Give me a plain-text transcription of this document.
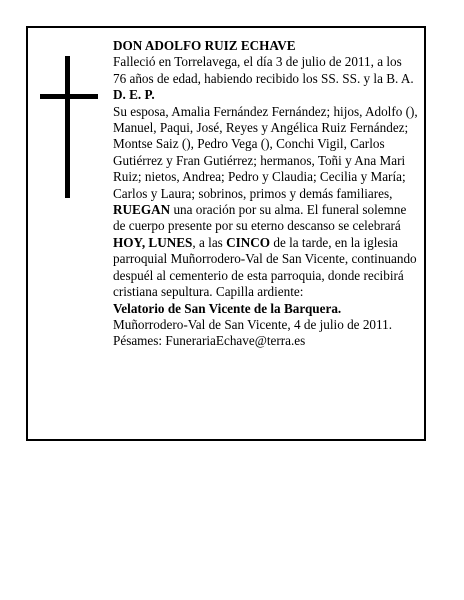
DON ADOLFO RUIZ ECHAVE

Falleció en Torrelavega, el día 3 de julio de 2011, a los 76 años de edad, habiendo recibido los SS. SS. y la B. A.

D. E. P.

Su esposa, Amalia Fernández Fernández; hijos, Adolfo (), Manuel, Paqui, José, Reyes y Angélica Ruiz Fernández; Montse Saiz (), Pedro Vega (), Conchi Vigil, Carlos Gutiérrez y Fran Gutiérrez; hermanos, Toñi y Ana Mari Ruiz; nietos, Andrea; Pedro y Claudia; Cecilia y María; Carlos y Laura; sobrinos, primos y demás familiares,

RUEGAN una oración por su alma. El funeral solemne de cuerpo presente por su eterno descanso se celebrará HOY, LUNES, a las CINCO de la tarde, en la iglesia parroquial Muñorrodero-Val de San Vicente, continuando despuél al cementerio de esta parroquia, donde recibirá cristiana sepultura. Capilla ardiente:

Velatorio de San Vicente de la Barquera.

Muñorrodero-Val de San Vicente, 4 de julio de 2011.

Pésames: FunerariaEchave@terra.es
